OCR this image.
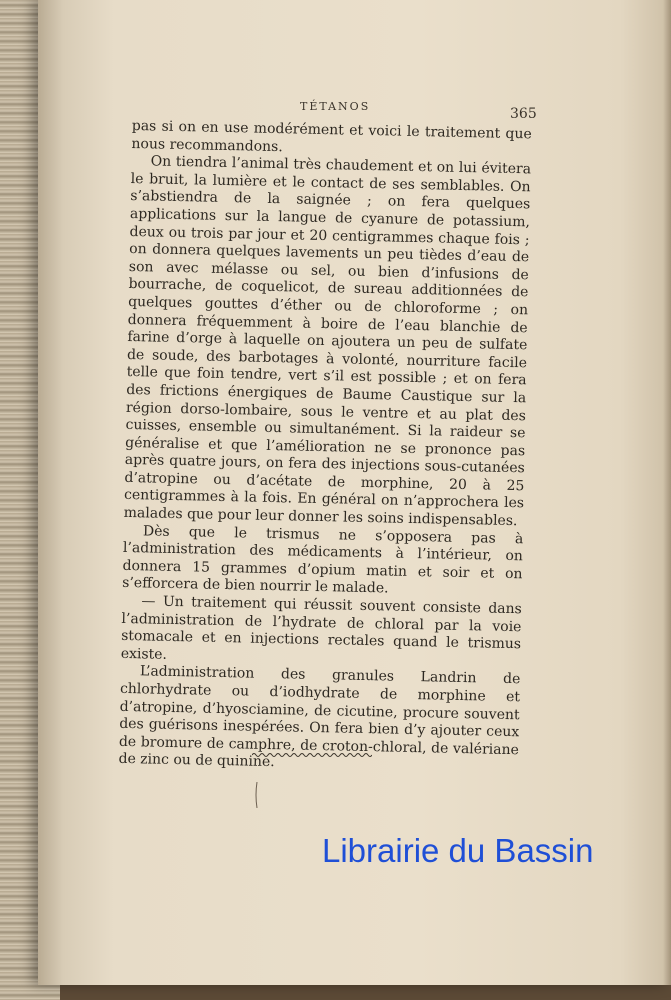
TÉTANOS	365

pas si on en use modérément et voici le traitement que nous recommandons.

On tiendra l’animal très chaudement et on lui évitera le bruit, la lumière et le contact de ses semblables. On s’abstiendra de la saignée ; on fera quelques applications sur la langue de cyanure de potassium, deux ou trois par jour et 20 centigrammes chaque fois ; on donnera quelques lavements un peu tièdes d’eau de son avec mélasse ou sel, ou bien d’infusions de bourrache, de coquelicot, de sureau additionnées de quelques gouttes d’éther ou de chloroforme ; on donnera fréquemment à boire de l’eau blanchie de farine d’orge à laquelle on ajoutera un peu de sulfate de soude, des barbotages à volonté, nourriture facile telle que foin tendre, vert s’il est possible ; et on fera des frictions énergiques de Baume Caustique sur la région dorso-lombaire, sous le ventre et au plat des cuisses, ensemble ou simultanément. Si la raideur se généralise et que l’amélioration ne se prononce pas après quatre jours, on fera des injections sous-cutanées d’atropine ou d’acétate de morphine, 20 à 25 centigrammes à la fois. En général on n’approchera les malades que pour leur donner les soins indispensables.

Dès que le trismus ne s’opposera pas à l’administration des médicaments à l’intérieur, on donnera 15 grammes d’opium matin et soir et on s’efforcera de bien nourrir le malade.

— Un traitement qui réussit souvent consiste dans l’administration de l’hydrate de chloral par la voie stomacale et en injections rectales quand le trismus existe.

L’administration des granules Landrin de chlorhydrate ou d’iodhydrate de morphine et d’atropine, d’hyosciamine, de cicutine, procure souvent des guérisons inespérées. On fera bien d’y ajouter ceux de bromure de camphre, de croton-chloral, de valériane de zinc ou de quinine.

Librairie du Bassin
